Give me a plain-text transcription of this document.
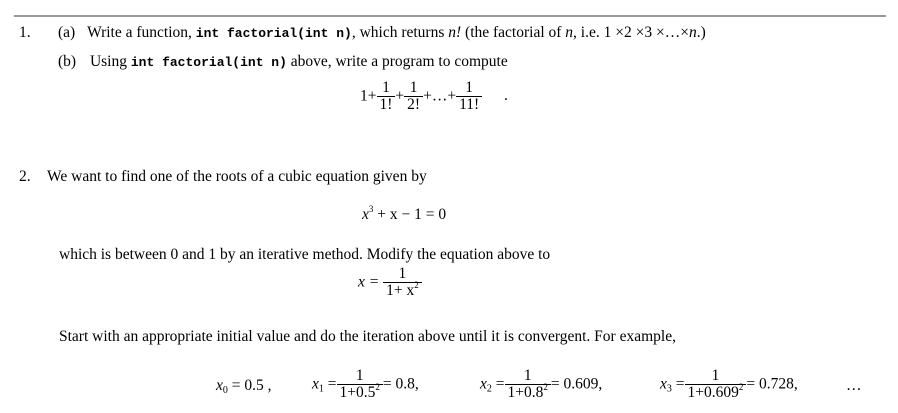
1. (a) Write a function, int factorial(int n), which returns n! (the factorial of n, i.e. 1 ×2 ×3 ×…×n.)
(b) Using int factorial(int n) above, write a program to compute
$1+ \frac{1}{1!} + \frac{1}{2!}$ +…+ $\frac{1}{11!}$ .
2. We want to find one of the roots of a cubic equation given by
$x^3 + x - 1 = 0$
which is between 0 and 1 by an iterative method. Modify the equation above to
$x = \frac{1}{1+ x^2}$
Start with an appropriate initial value and do the iteration above until it is convergent. For example,
$x_0 = 0.5$ ,	$x_1 = \frac{1}{1+0.5^2} = 0.8$,	$x_2 = \frac{1}{1+0.8^2} = 0.609$,	$x_3 = \frac{1}{1+0.609^2} = 0.728$,	…
